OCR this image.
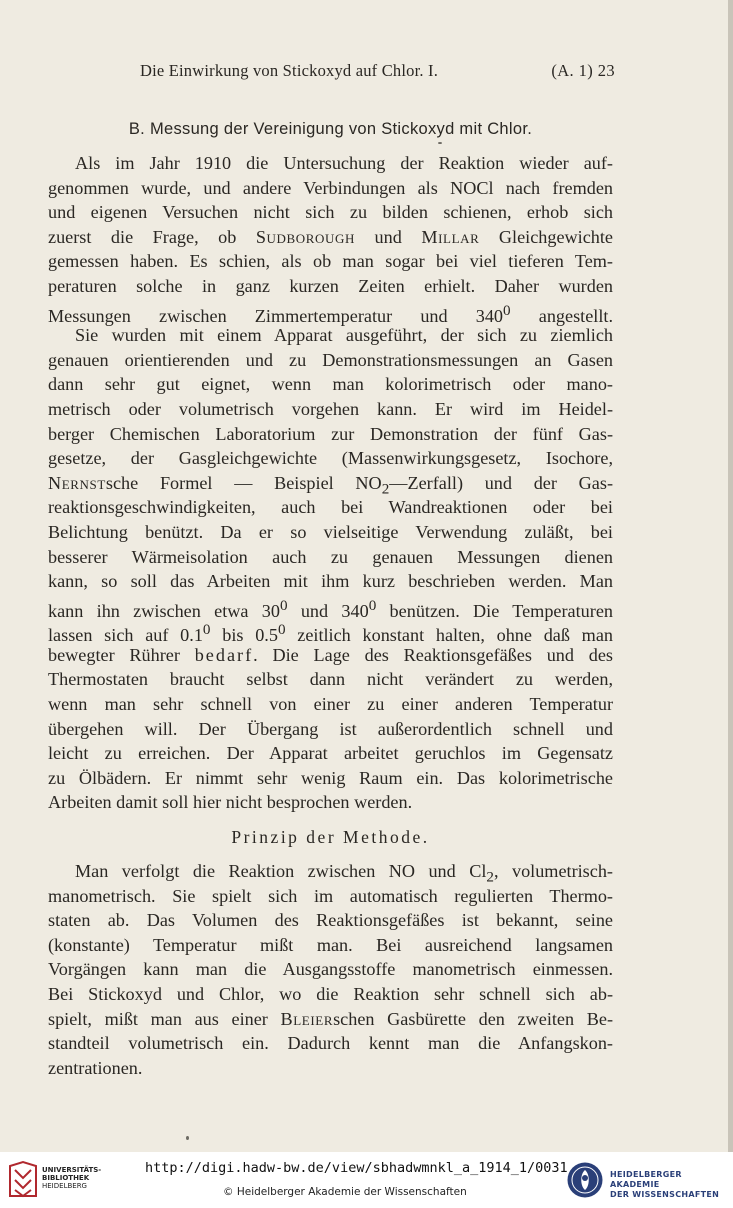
Die Einwirkung von Stickoxyd auf Chlor. I.	(A. 1) 23
B. Messung der Vereinigung von Stickoxyd mit Chlor.
Als im Jahr 1910 die Untersuchung der Reaktion wieder auf-
genommen wurde, und andere Verbindungen als NOCl nach fremden
und eigenen Versuchen nicht sich zu bilden schienen, erhob sich
zuerst die Frage, ob Sudborough und Millar Gleichgewichte
gemessen haben. Es schien, als ob man sogar bei viel tieferen Tem-
peraturen solche in ganz kurzen Zeiten erhielt. Daher wurden
Messungen zwischen Zimmertemperatur und $340^0$ angestellt.
Sie wurden mit einem Apparat ausgeführt, der sich zu ziemlich
genauen orientierenden und zu Demonstrationsmessungen an Gasen
dann sehr gut eignet, wenn man kolorimetrisch oder mano-
metrisch oder volumetrisch vorgehen kann. Er wird im Heidel-
berger Chemischen Laboratorium zur Demonstration der fünf Gas-
gesetze, der Gasgleichgewichte (Massenwirkungsgesetz, Isochore,
Nernstsche Formel — Beispiel $NO_2—Zerfall$) und der Gas-
reaktionsgeschwindigkeiten, auch bei Wandreaktionen oder bei
Belichtung benützt. Da er so vielseitige Verwendung zuläßt, bei
besserer Wärmeisolation auch zu genauen Messungen dienen
kann, so soll das Arbeiten mit ihm kurz beschrieben werden. Man
kann ihn zwischen etwa $30^0$ und $340^0$ benützen. Die Temperaturen
lassen sich auf $0.1^0$ bis $0.5^0$ zeitlich konstant halten, ohne daß man
bewegter Rührer bedarf. Die Lage des Reaktionsgefäßes und des
Thermostaten braucht selbst dann nicht verändert zu werden,
wenn man sehr schnell von einer zu einer anderen Temperatur
übergehen will. Der Übergang ist außerordentlich schnell und
leicht zu erreichen. Der Apparat arbeitet geruchlos im Gegensatz
zu Ölbädern. Er nimmt sehr wenig Raum ein. Das kolorimetrische
Arbeiten damit soll hier nicht besprochen werden.
Prinzip der Methode.
Man verfolgt die Reaktion zwischen NO und $Cl_2$, volumetrisch-
manometrisch. Sie spielt sich im automatisch regulierten Thermo-
staten ab. Das Volumen des Reaktionsgefäßes ist bekannt, seine
(konstante) Temperatur mißt man. Bei ausreichend langsamen
Vorgängen kann man die Ausgangsstoffe manometrisch einmessen.
Bei Stickoxyd und Chlor, wo die Reaktion sehr schnell sich ab-
spielt, mißt man aus einer Bleierschen Gasbürette den zweiten Be-
standteil volumetrisch ein. Dadurch kennt man die Anfangskon-
zentrationen.
UNIVERSITÄTS-
BIBLIOTHEK
HEIDELBERG
http://digi.hadw-bw.de/view/sbhadwmnkl_a_1914_1/0031
© Heidelberger Akademie der Wissenschaften
HEIDELBERGER AKADEMIE
DER WISSENSCHAFTEN
